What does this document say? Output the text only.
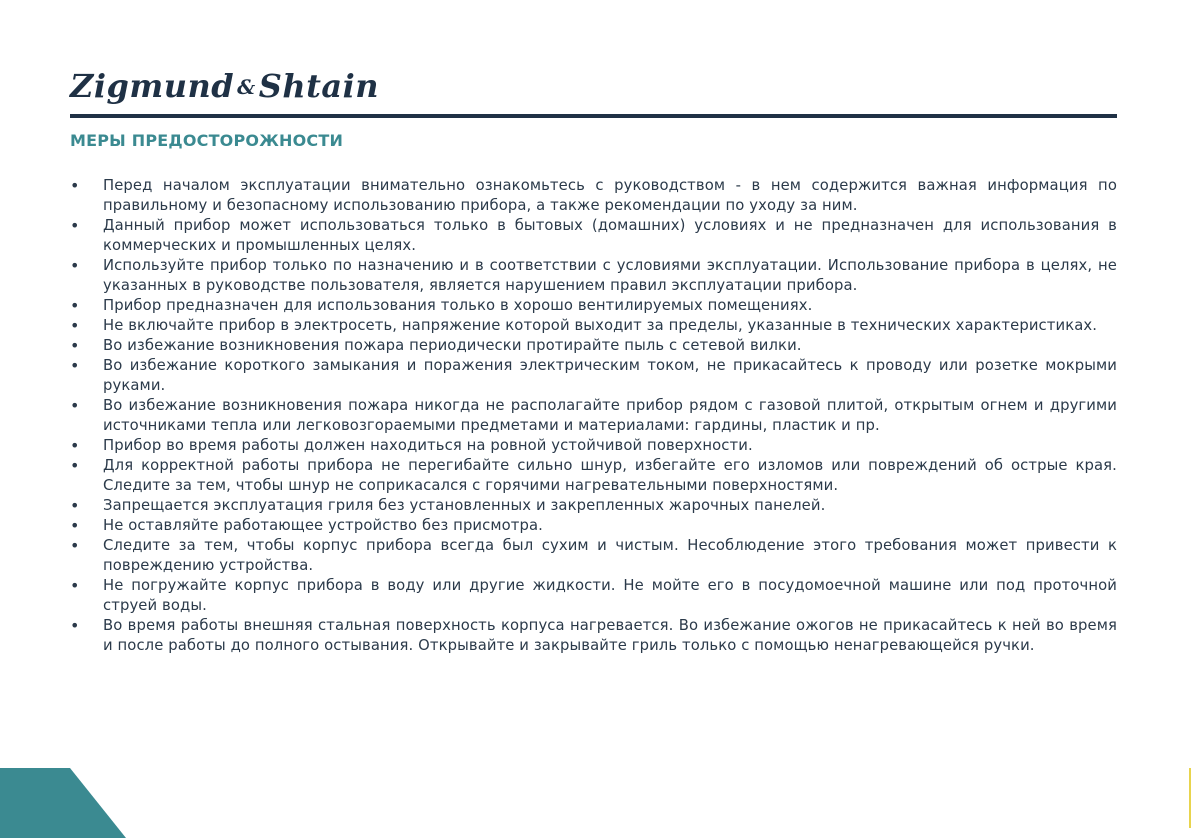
Zigmund &Shtain
МЕРЫ ПРЕДОСТОРОЖНОСТИ
•	Перед началом эксплуатации внимательно ознакомьтесь с руководством - в нем содержится важная информация по правильному и безопасному использованию прибора, а также рекомендации по уходу за ним.
•	Данный прибор может использоваться только в бытовых (домашних) условиях и не предназначен для использования в коммерческих и промышленных целях.
•	Используйте прибор только по назначению и в соответствии с условиями эксплуатации. Использование прибора в целях, не указанных в руководстве пользователя, является нарушением правил эксплуатации прибора.
•	Прибор предназначен для использования только в хорошо вентилируемых помещениях.
•	Не включайте прибор в электросеть, напряжение которой выходит за пределы, указанные в технических характеристиках.
•	Во избежание возникновения пожара периодически протирайте пыль с сетевой вилки.
•	Во избежание короткого замыкания и поражения электрическим током, не прикасайтесь к проводу или розетке мокрыми руками.
•	Во избежание возникновения пожара никогда не располагайте прибор рядом с газовой плитой, открытым огнем и другими источниками тепла или легковозгораемыми предметами и материалами: гардины, пластик и пр.
•	Прибор во время работы должен находиться на ровной устойчивой поверхности.
•	Для корректной работы прибора не перегибайте сильно шнур, избегайте его изломов или повреждений об острые края. Следите за тем, чтобы шнур не соприкасался с горячими нагревательными поверхностями.
•	Запрещается эксплуатация гриля без установленных и закрепленных жарочных панелей.
•	Не оставляйте работающее устройство без присмотра.
•	Следите за тем, чтобы корпус прибора всегда был сухим и чистым. Несоблюдение этого требования может привести к повреждению устройства.
•	Не погружайте корпус прибора в воду или другие жидкости. Не мойте его в посудомоечной машине или под проточной струей воды.
•	Во время работы внешняя стальная поверхность корпуса нагревается. Во избежание ожогов не прикасайтесь к ней во время и после работы до полного остывания. Открывайте и закрывайте гриль только с помощью ненагревающейся ручки.
